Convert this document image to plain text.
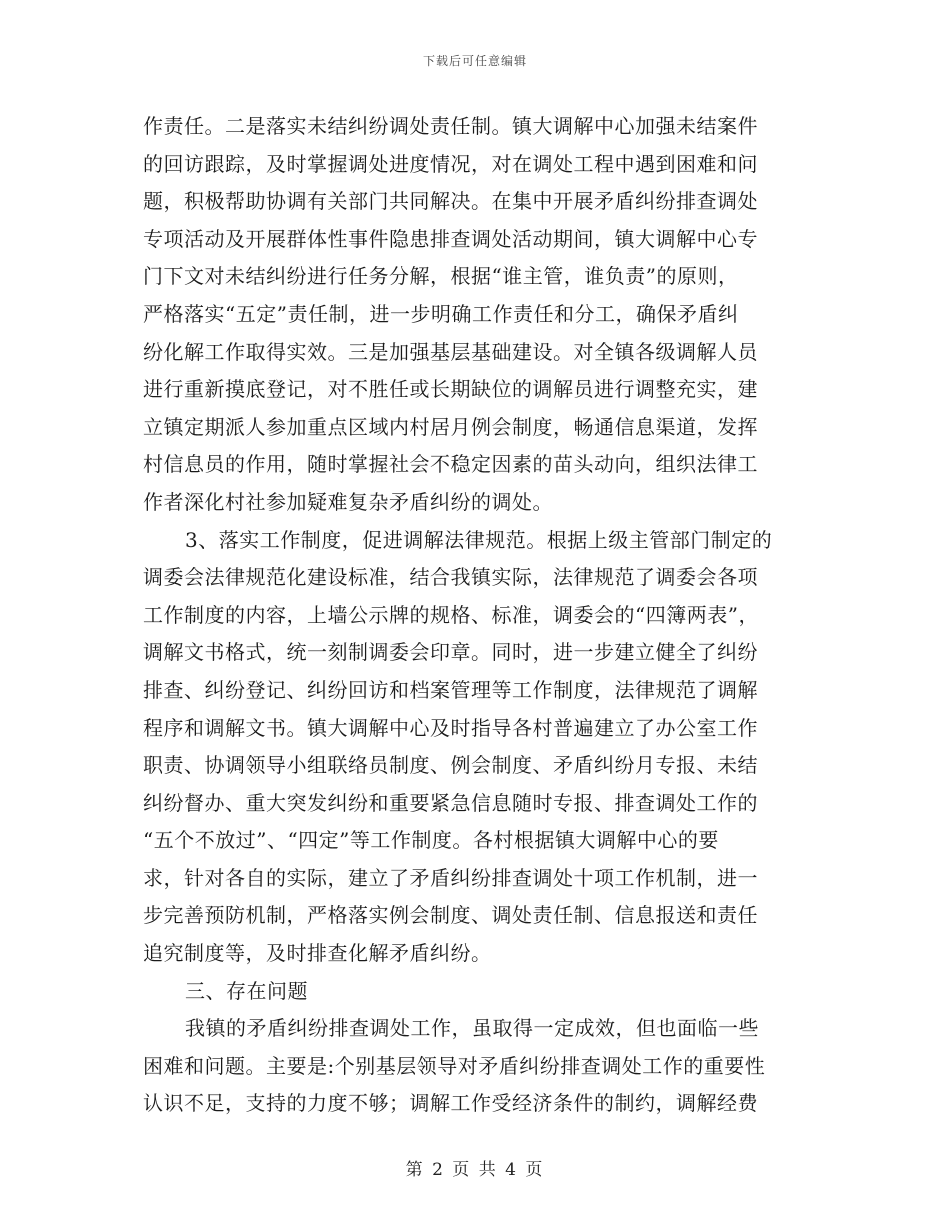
下载后可任意编辑
作责任。二是落实未结纠纷调处责任制。镇大调解中心加强未结案件
的回访跟踪，及时掌握调处进度情况，对在调处工程中遇到困难和问
题，积极帮助协调有关部门共同解决。在集中开展矛盾纠纷排查调处
专项活动及开展群体性事件隐患排查调处活动期间，镇大调解中心专
门下文对未结纠纷进行任务分解，根据“谁主管，谁负责”的原则，
严格落实“五定”责任制，进一步明确工作责任和分工，确保矛盾纠
纷化解工作取得实效。三是加强基层基础建设。对全镇各级调解人员
进行重新摸底登记，对不胜任或长期缺位的调解员进行调整充实，建
立镇定期派人参加重点区域内村居月例会制度，畅通信息渠道，发挥
村信息员的作用，随时掌握社会不稳定因素的苗头动向，组织法律工
作者深化村社参加疑难复杂矛盾纠纷的调处。
3、落实工作制度，促进调解法律规范。根据上级主管部门制定的
调委会法律规范化建设标准，结合我镇实际，法律规范了调委会各项
工作制度的内容，上墙公示牌的规格、标准，调委会的“四簿两表”，
调解文书格式，统一刻制调委会印章。同时，进一步建立健全了纠纷
排查、纠纷登记、纠纷回访和档案管理等工作制度，法律规范了调解
程序和调解文书。镇大调解中心及时指导各村普遍建立了办公室工作
职责、协调领导小组联络员制度、例会制度、矛盾纠纷月专报、未结
纠纷督办、重大突发纠纷和重要紧急信息随时专报、排查调处工作的
“五个不放过”、“四定”等工作制度。各村根据镇大调解中心的要
求，针对各自的实际，建立了矛盾纠纷排查调处十项工作机制，进一
步完善预防机制，严格落实例会制度、调处责任制、信息报送和责任
追究制度等，及时排查化解矛盾纠纷。
三、存在问题
我镇的矛盾纠纷排查调处工作，虽取得一定成效，但也面临一些
困难和问题。主要是:个别基层领导对矛盾纠纷排查调处工作的重要性
认识不足，支持的力度不够；调解工作受经济条件的制约，调解经费
第 2 页 共 4 页
